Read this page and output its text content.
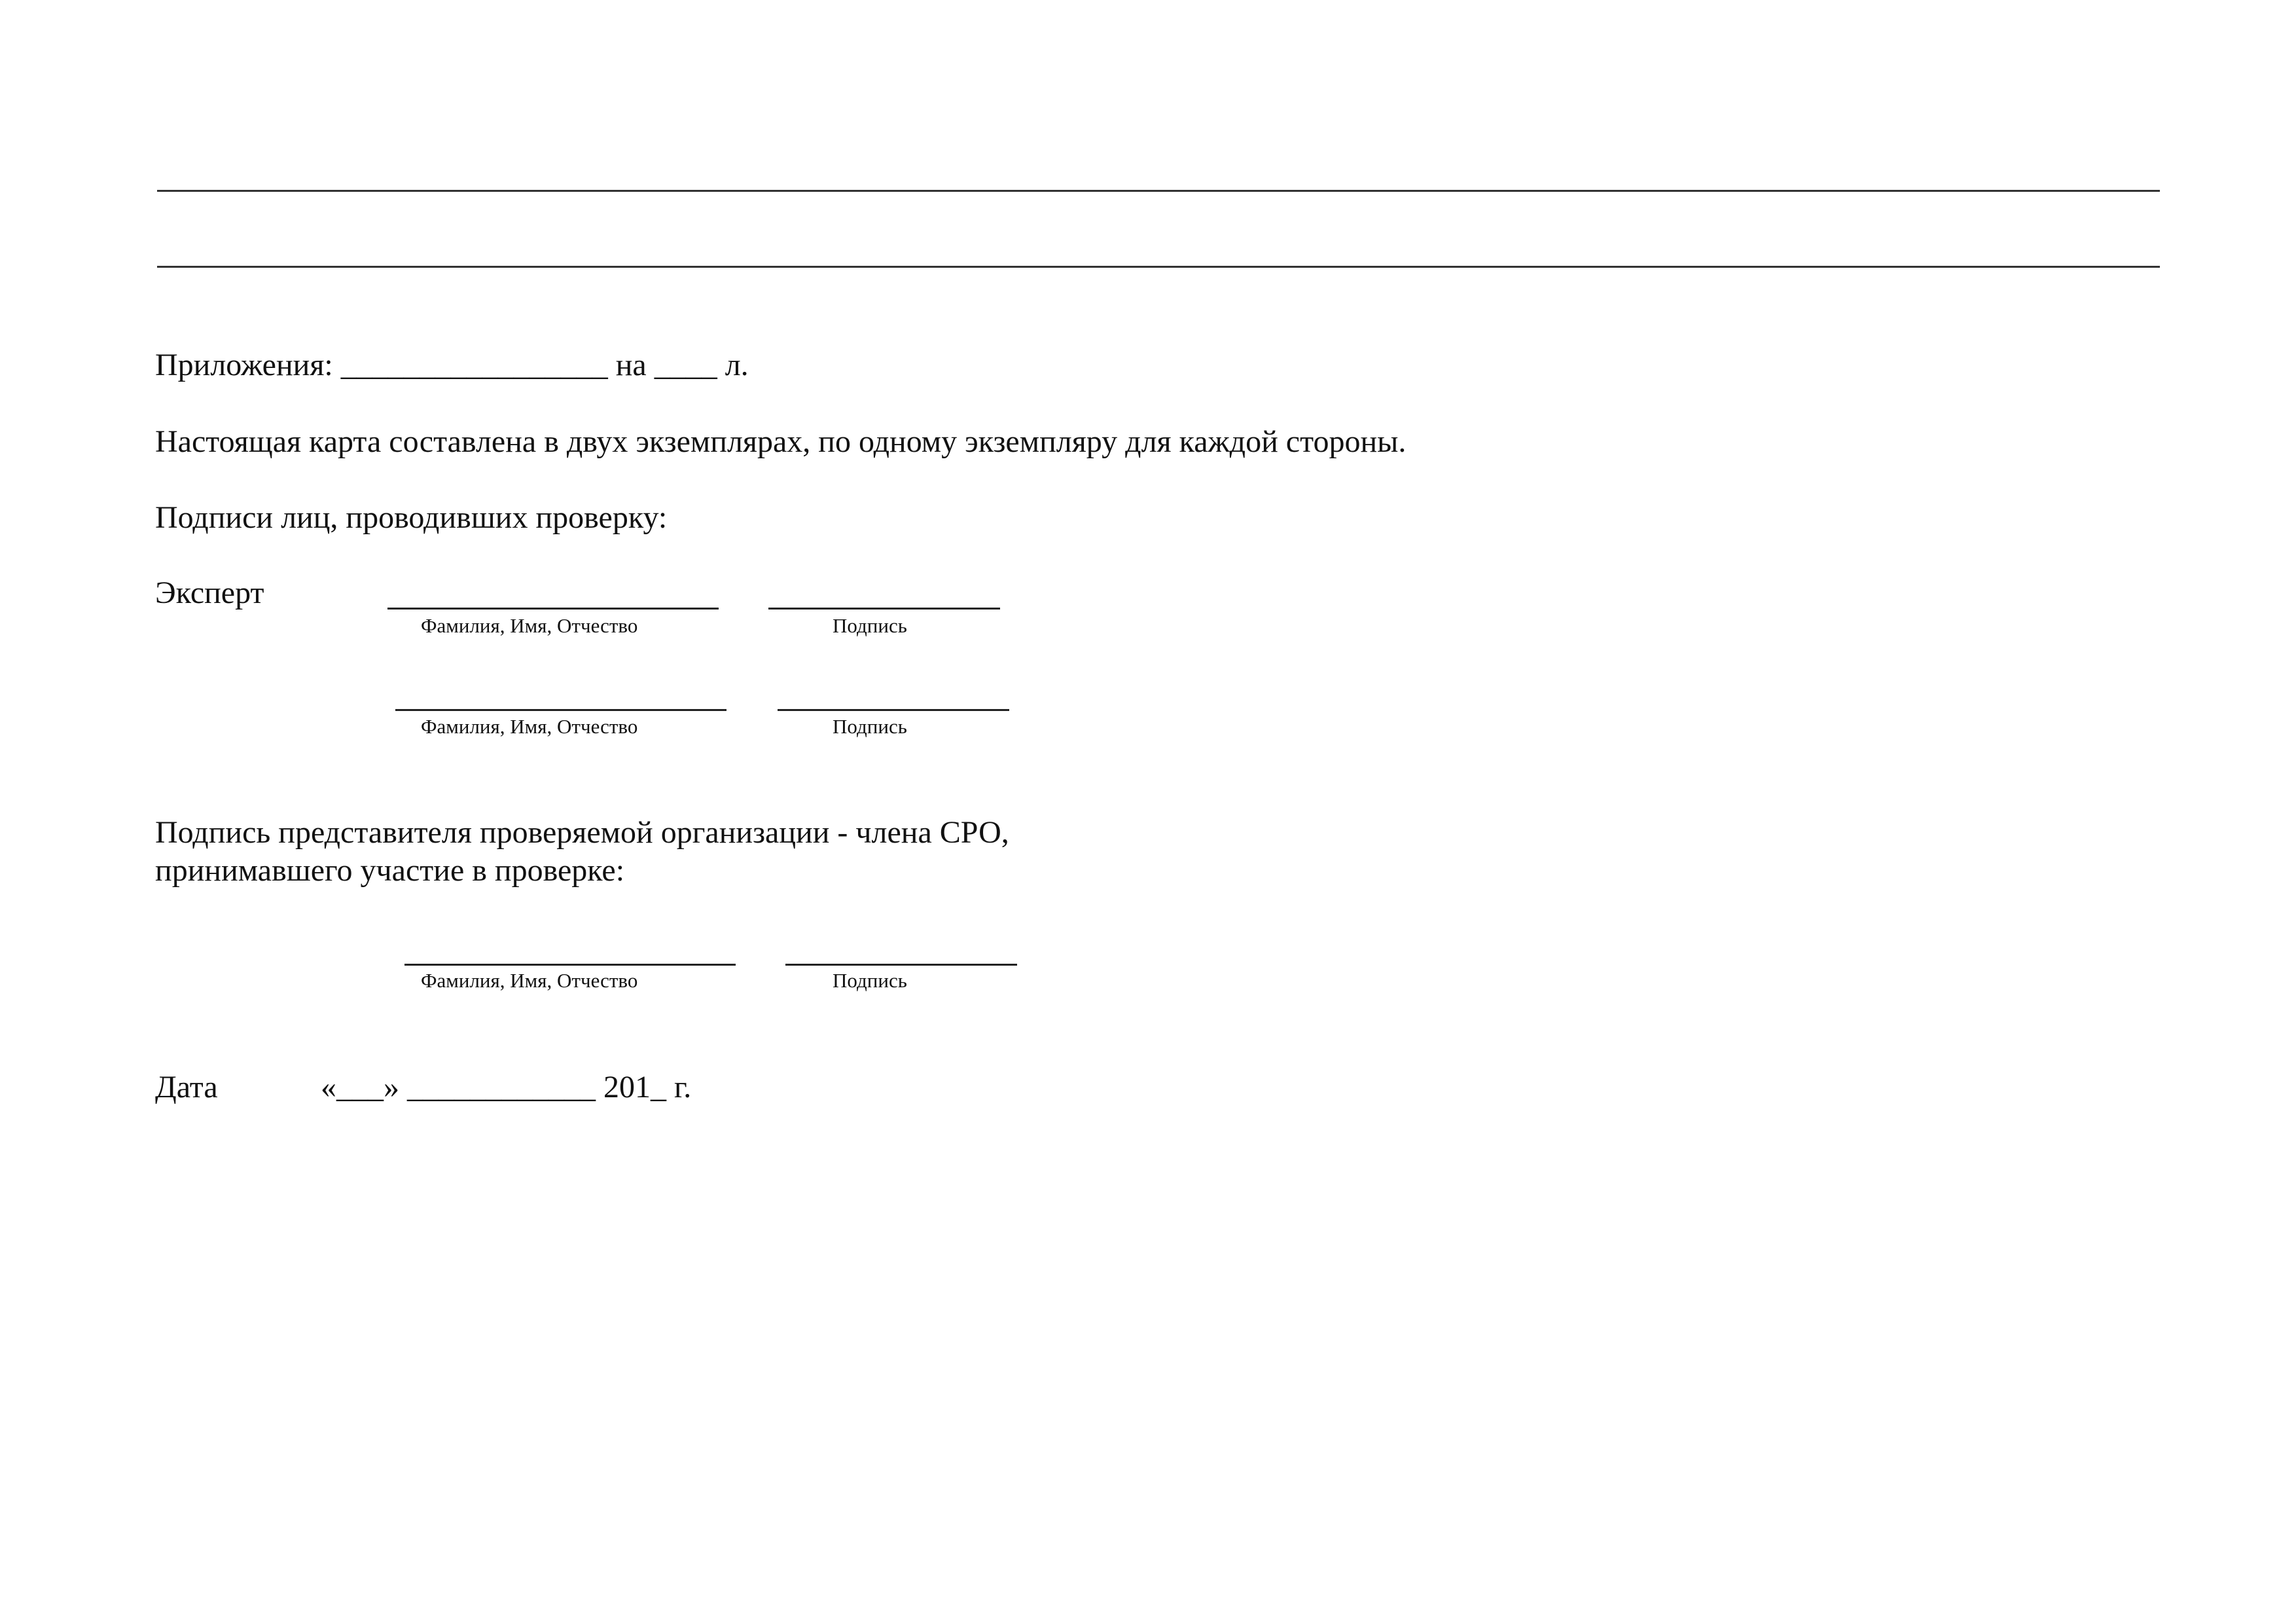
Приложения: _________________ на ____ л.
Настоящая карта составлена в двух экземплярах, по одному экземпляру для каждой стороны.
Подписи лиц, проводивших проверку:
Эксперт
Фамилия, Имя, Отчество	Подпись
Фамилия, Имя, Отчество	Подпись
Подпись представителя проверяемой организации - члена СРО,
принимавшего участие в проверке:
Фамилия, Имя, Отчество	Подпись
Дата	«___» ____________ 201_ г.
